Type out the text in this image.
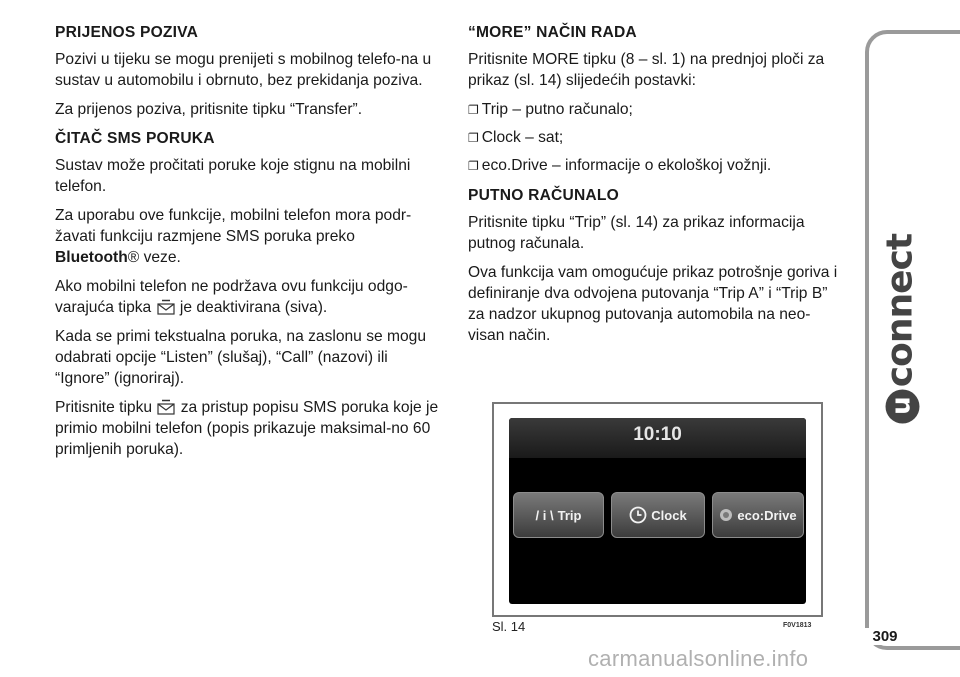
PRIJENOS POZIVA

Pozivi u tijeku se mogu prenijeti s mobilnog telefo-na u sustav u automobilu i obrnuto, bez prekidanja poziva.

Za prijenos poziva, pritisnite tipku “Transfer”.

ČITAČ SMS PORUKA

Sustav može pročitati poruke koje stignu na mobilni telefon.

Za uporabu ove funkcije, mobilni telefon mora podr-žavati funkciju razmjene SMS poruka preko Bluetooth® veze.

Ako mobilni telefon ne podržava ovu funkciju odgo-varajuća tipka  je deaktivirana (siva).

Kada se primi tekstualna poruka, na zaslonu se mogu odabrati opcije “Listen” (slušaj), “Call” (nazovi) ili “Ignore” (ignoriraj).

Pritisnite tipku  za pristup popisu SMS poruka koje je primio mobilni telefon (popis prikazuje maksimal-no 60 primljenih poruka).

“MORE” NAČIN RADA

Pritisnite MORE tipku (8 – sl. 1) na prednjoj ploči za prikaz (sl. 14) slijedećih postavki:

❐ Trip – putno računalo;
❐ Clock – sat;
❐ eco.Drive – informacije o ekološkoj vožnji.
PUTNO RAČUNALO

Pritisnite tipku “Trip” (sl. 14) za prikaz informacija putnog računala.

Ova funkcija vam omogućuje prikaz potrošnje goriva i definiranje dva odvojena putovanja “Trip A” i “Trip B” za nadzor ukupnog putovanja automobila na neo-visan način.

10:10
/ i \ Trip	Clock	eco:Drive
Sl. 14	F0V1813
uconnect
309
carmanualsonline.info
